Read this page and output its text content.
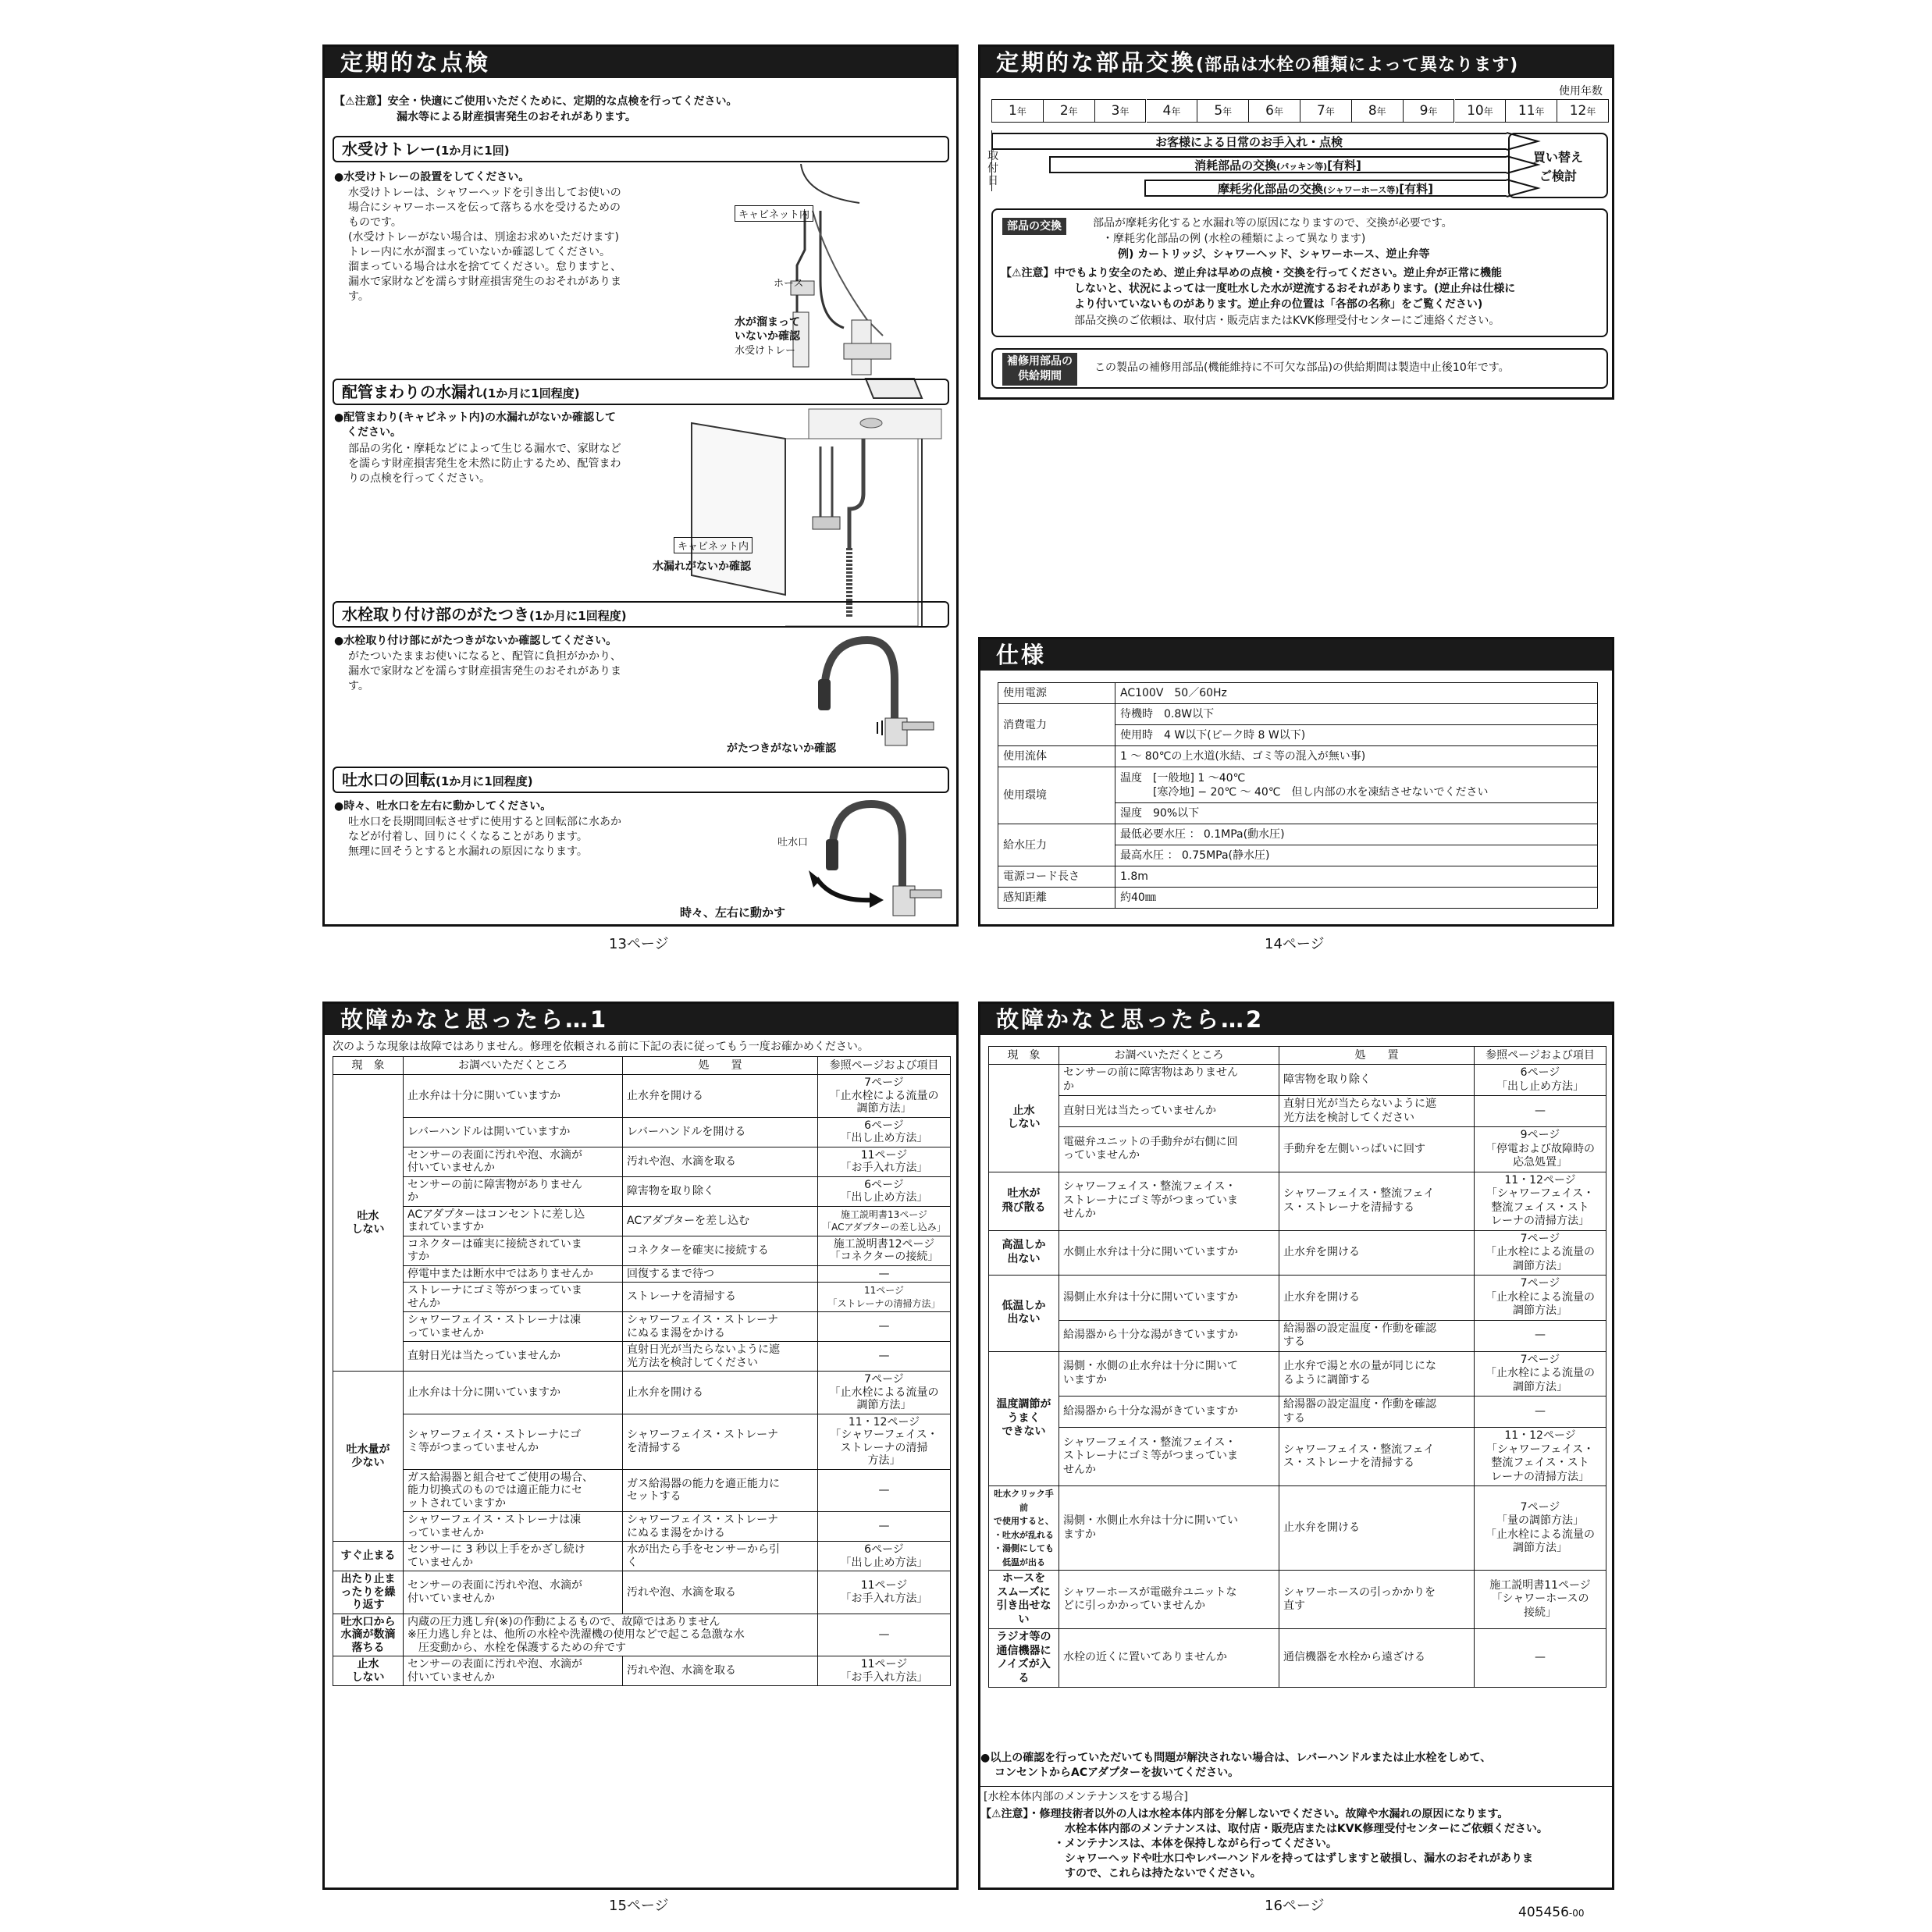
定期的な点検
【⚠注意】安全・快適にご使用いただくために、定期的な点検を行ってください。
漏水等による財産損害発生のおそれがあります。
水受けトレー(1か月に1回)
●水受けトレーの設置をしてください。
水受けトレーは、シャワーヘッドを引き出してお使いの
場合にシャワーホースを伝って落ちる水を受けるための
ものです。
(水受けトレーがない場合は、別途お求めいただけます)
トレー内に水が溜まっていないか確認してください。
溜まっている場合は水を捨ててください。怠りますと、
漏水で家財などを濡らす財産損害発生のおそれがありま
す。
キャビネット内
ホース
水が溜まって
いないか確認
水受けトレー
配管まわりの水漏れ(1か月に1回程度)
●配管まわり(キャビネット内)の水漏れがないか確認して
ください。
部品の劣化・摩耗などによって生じる漏水で、家財など
を濡らす財産損害発生を未然に防止するため、配管まわ
りの点検を行ってください。
キャビネット内
水漏れがないか確認
水栓取り付け部のがたつき(1か月に1回程度)
●水栓取り付け部にがたつきがないか確認してください。
がたついたままお使いになると、配管に負担がかかり、
漏水で家財などを濡らす財産損害発生のおそれがありま
す。
がたつきがないか確認
吐水口の回転(1か月に1回程度)
●時々、吐水口を左右に動かしてください。
吐水口を長期間回転させずに使用すると回転部に水あか
などが付着し、回りにくくなることがあります。
無理に回そうとすると水漏れの原因になります。
吐水口
時々、左右に動かす
13ページ
定期的な部品交換(部品は水栓の種類によって異なります)
使用年数
1年	2年	3年	4年	5年	6年	7年	8年	9年	10年	11年	12年
お客様による日常のお手入れ・点検
消耗部品の交換(パッキン等)[有料]
摩耗劣化部品の交換(シャワーホース等)[有料]
取付日
買い替え
ご検討
部品の交換	部品が摩耗劣化すると水漏れ等の原因になりますので、交換が必要です。
・摩耗劣化部品の例 (水栓の種類によって異なります)
例) カートリッジ、シャワーヘッド、シャワーホース、逆止弁等
【⚠注意】中でもより安全のため、逆止弁は早めの点検・交換を行ってください。逆止弁が正常に機能
しないと、状況によっては一度吐水した水が逆流するおそれがあります。(逆止弁は仕様に
より付いていないものがあります。逆止弁の位置は「各部の名称」をご覧ください)
部品交換のご依頼は、取付店・販売店またはKVK修理受付センターにご連絡ください。
補修用部品の
供給期間
この製品の補修用部品(機能維持に不可欠な部品)の供給期間は製造中止後10年です。
仕様
使用電源	AC100V　50／60Hz
消費電力	待機時　0.8W以下
	使用時　4 W以下(ピーク時 8 W以下)
使用流体	1 ～ 80℃の上水道(氷結、ゴミ等の混入が無い事)
使用環境	温度　[一般地] 1 ～40℃
　　　[寒冷地] − 20℃ ～ 40℃　但し内部の水を凍結させないでください
	湿度　90%以下
給水圧力	最低必要水圧 ： 0.1MPa(動水圧)
	最高水圧 ： 0.75MPa(静水圧)
電源コード長さ	1.8m
感知距離	約40㎜
14ページ
故障かなと思ったら…1
次のような現象は故障ではありません。修理を依頼される前に下記の表に従ってもう一度お確かめください。
現　象	お調べいただくところ	処　　置	参照ページおよび項目
吐水
しない	止水弁は十分に開いていますか	止水弁を開ける	7ページ
「止水栓による流量の
調節方法」
	レバーハンドルは開いていますか	レバーハンドルを開ける	6ページ
「出し止め方法」
	センサーの表面に汚れや泡、水滴が
付いていませんか	汚れや泡、水滴を取る	11ページ
「お手入れ方法」
	センサーの前に障害物がありません
か	障害物を取り除く	6ページ
「出し止め方法」
	ACアダプターはコンセントに差し込
まれていますか	ACアダプターを差し込む	施工説明書13ページ
「ACアダプターの差し込み」
	コネクターは確実に接続されていま
すか	コネクターを確実に接続する	施工説明書12ページ
「コネクターの接続」
	停電中または断水中ではありませんか	回復するまで待つ	—
	ストレーナにゴミ等がつまっていま
せんか	ストレーナを清掃する	11ページ
「ストレーナの清掃方法」
	シャワーフェイス・ストレーナは凍
っていませんか	シャワーフェイス・ストレーナ
にぬるま湯をかける	—
	直射日光は当たっていませんか	直射日光が当たらないように遮
光方法を検討してください	—
吐水量が
少ない	止水弁は十分に開いていますか	止水弁を開ける	7ページ
「止水栓による流量の
調節方法」
	シャワーフェイス・ストレーナにゴ
ミ等がつまっていませんか	シャワーフェイス・ストレーナ
を清掃する	11・12ページ
「シャワーフェイス・
ストレーナの清掃
方法」
	ガス給湯器と組合せてご使用の場合、
能力切換式のものでは適正能力にセ
ットされていますか	ガス給湯器の能力を適正能力に
セットする	—
	シャワーフェイス・ストレーナは凍
っていませんか	シャワーフェイス・ストレーナ
にぬるま湯をかける	—
すぐ止まる	センサーに 3 秒以上手をかざし続け
ていませんか	水が出たら手をセンサーから引
く	6ページ
「出し止め方法」
出たり止ま
ったりを繰
り返す	センサーの表面に汚れや泡、水滴が
付いていませんか	汚れや泡、水滴を取る	11ページ
「お手入れ方法」
吐水口から
水滴が数滴
落ちる	内蔵の圧力逃し弁(※)の作動によるもので、故障ではありません
※圧力逃し弁とは、他所の水栓や洗濯機の使用などで起こる急激な水
　圧変動から、水栓を保護するための弁です		—
止水
しない	センサーの表面に汚れや泡、水滴が
付いていませんか	汚れや泡、水滴を取る	11ページ
「お手入れ方法」
15ページ
故障かなと思ったら…2
現　象	お調べいただくところ	処　　置	参照ページおよび項目
止水
しない	センサーの前に障害物はありません
か	障害物を取り除く	6ページ
「出し止め方法」
	直射日光は当たっていませんか	直射日光が当たらないように遮
光方法を検討してください	—
	電磁弁ユニットの手動弁が右側に回
っていませんか	手動弁を左側いっぱいに回す	9ページ
「停電および故障時の
応急処置」
吐水が
飛び散る	シャワーフェイス・整流フェイス・
ストレーナにゴミ等がつまっていま
せんか	シャワーフェイス・整流フェイ
ス・ストレーナを清掃する	11・12ページ
「シャワーフェイス・
整流フェイス・スト
レーナの清掃方法」
高温しか
出ない	水側止水弁は十分に開いていますか	止水弁を開ける	7ページ
「止水栓による流量の
調節方法」
低温しか
出ない	湯側止水弁は十分に開いていますか	止水弁を開ける	7ページ
「止水栓による流量の
調節方法」
	給湯器から十分な湯がきていますか	給湯器の設定温度・作動を確認
する	—
温度調節が
うまく
できない	湯側・水側の止水弁は十分に開いて
いますか	止水弁で湯と水の量が同じにな
るように調節する	7ページ
「止水栓による流量の
調節方法」
	給湯器から十分な湯がきていますか	給湯器の設定温度・作動を確認
する	—
	シャワーフェイス・整流フェイス・
ストレーナにゴミ等がつまっていま
せんか	シャワーフェイス・整流フェイ
ス・ストレーナを清掃する	11・12ページ
「シャワーフェイス・
整流フェイス・スト
レーナの清掃方法」
吐水クリック手前
で使用すると、
・吐水が乱れる
・湯側にしても
低温が出る	湯側・水側止水弁は十分に開いてい
ますか	止水弁を開ける	7ページ
「量の調節方法」
「止水栓による流量の
調節方法」
ホースを
スムーズに
引き出せない	シャワーホースが電磁弁ユニットな
どに引っかかっていませんか	シャワーホースの引っかかりを
直す	施工説明書11ページ
「シャワーホースの
接続」
ラジオ等の
通信機器に
ノイズが入る	水栓の近くに置いてありませんか	通信機器を水栓から遠ざける	—
●以上の確認を行っていただいても問題が解決されない場合は、レバーハンドルまたは止水栓をしめて、
コンセントからACアダプターを抜いてください。
[水栓本体内部のメンテナンスをする場合]
【⚠注意】・修理技術者以外の人は水栓本体内部を分解しないでください。故障や水漏れの原因になります。
水栓本体内部のメンテナンスは、取付店・販売店またはKVK修理受付センターにご依頼ください。
・メンテナンスは、本体を保持しながら行ってください。
シャワーヘッドや吐水口やレバーハンドルを持ってはずしますと破損し、漏水のおそれがありま
すので、これらは持たないでください。
16ページ	405456-00
